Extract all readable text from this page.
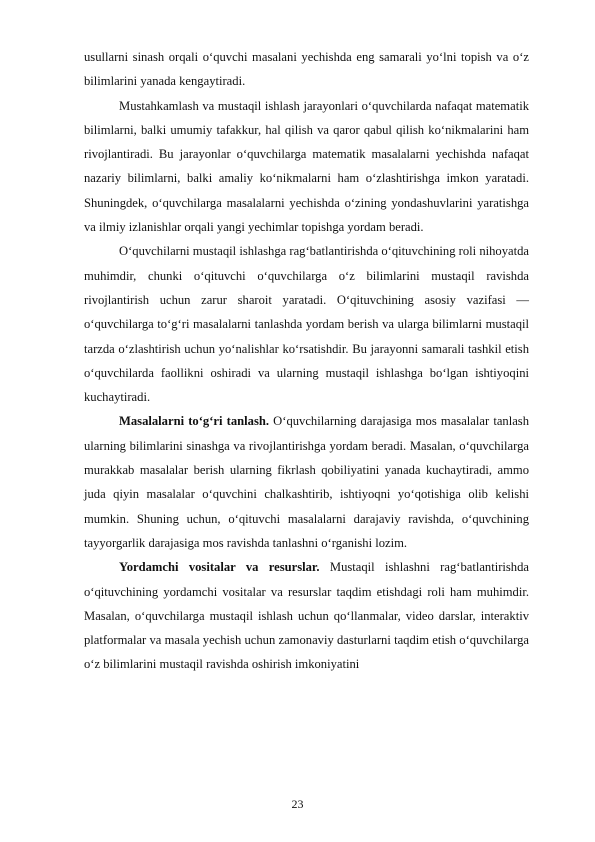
usullarni sinash orqali o‘quvchi masalani yechishda eng samarali yo‘lni topish va o‘z bilimlarini yanada kengaytiradi.

Mustahkamlash va mustaqil ishlash jarayonlari o‘quvchilarda nafaqat matematik bilimlarni, balki umumiy tafakkur, hal qilish va qaror qabul qilish ko‘nikmalarini ham rivojlantiradi. Bu jarayonlar o‘quvchilarga matematik masalalarni yechishda nafaqat nazariy bilimlarni, balki amaliy ko‘nikmalarni ham o‘zlashtirishga imkon yaratadi. Shuningdek, o‘quvchilarga masalalarni yechishda o‘zining yondashuvlarini yaratishga va ilmiy izlanishlar orqali yangi yechimlar topishga yordam beradi.

O‘quvchilarni mustaqil ishlashga rag‘batlantirishda o‘qituvchining roli nihoyatda muhimdir, chunki o‘qituvchi o‘quvchilarga o‘z bilimlarini mustaqil ravishda rivojlantirish uchun zarur sharoit yaratadi. O‘qituvchining asosiy vazifasi — o‘quvchilarga to‘g‘ri masalalarni tanlashda yordam berish va ularga bilimlarni mustaqil tarzda o‘zlashtirish uchun yo‘nalishlar ko‘rsatishdir. Bu jarayonni samarali tashkil etish o‘quvchilarda faollikni oshiradi va ularning mustaqil ishlashga bo‘lgan ishtiyoqini kuchaytiradi.

Masalalarni to‘g‘ri tanlash. O‘quvchilarning darajasiga mos masalalar tanlash ularning bilimlarini sinashga va rivojlantirishga yordam beradi. Masalan, o‘quvchilarga murakkab masalalar berish ularning fikrlash qobiliyatini yanada kuchaytiradi, ammo juda qiyin masalalar o‘quvchini chalkashtirib, ishtiyoqni yo‘qotishiga olib kelishi mumkin. Shuning uchun, o‘qituvchi masalalarni darajaviy ravishda, o‘quvchining tayyorgarlik darajasiga mos ravishda tanlashni o‘rganishi lozim.

Yordamchi vositalar va resurslar. Mustaqil ishlashni rag‘batlantirishda o‘qituvchining yordamchi vositalar va resurslar taqdim etishdagi roli ham muhimdir. Masalan, o‘quvchilarga mustaqil ishlash uchun qo‘llanmalar, video darslar, interaktiv platformalar va masala yechish uchun zamonaviy dasturlarni taqdim etish o‘quvchilarga o‘z bilimlarini mustaqil ravishda oshirish imkoniyatini

23
